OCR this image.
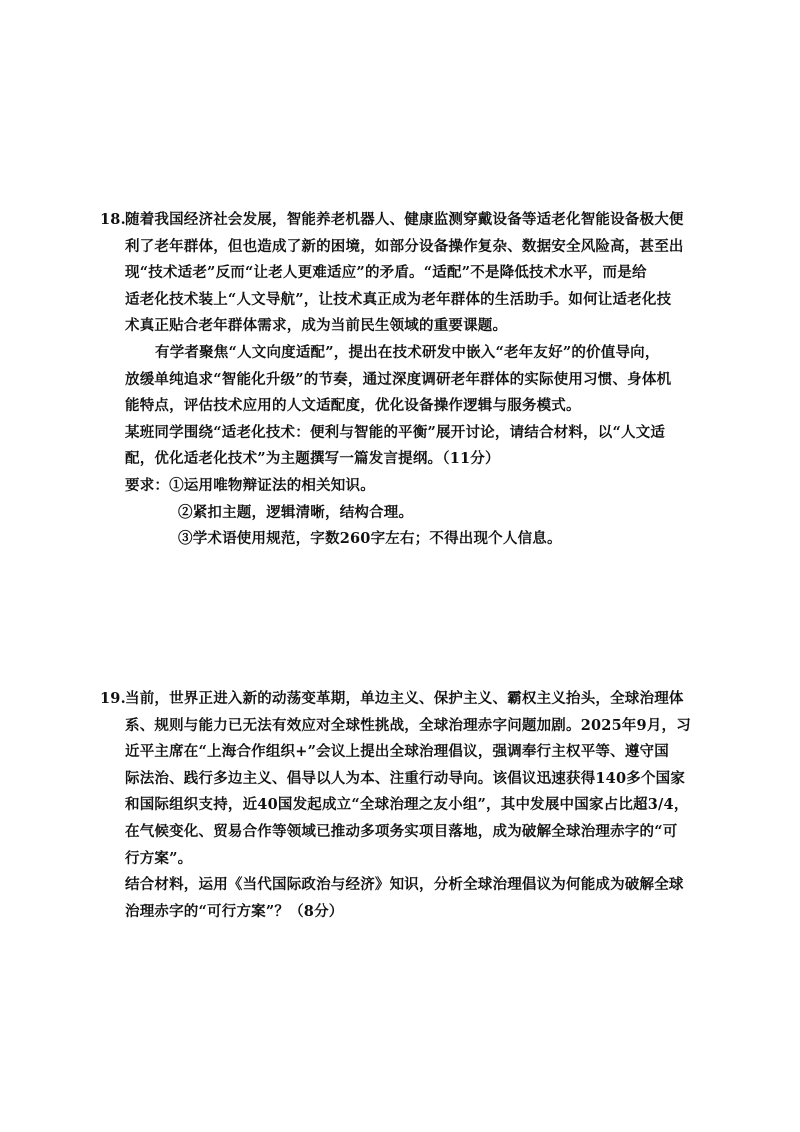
18. 随着我国经济社会发展，智能养老机器人、健康监测穿戴设备等适老化智能设备极大便
利了老年群体，但也造成了新的困境，如部分设备操作复杂、数据安全风险高，甚至出
现“技术适老”反而“让老人更难适应”的矛盾。“适配”不是降低技术水平，而是给
适老化技术装上“人文导航”，让技术真正成为老年群体的生活助手。如何让适老化技
术真正贴合老年群体需求，成为当前民生领域的重要课题。
有学者聚焦“人文向度适配”，提出在技术研发中嵌入“老年友好”的价值导向，
放缓单纯追求“智能化升级”的节奏，通过深度调研老年群体的实际使用习惯、身体机
能特点，评估技术应用的人文适配度，优化设备操作逻辑与服务模式。
某班同学围绕“适老化技术：便利与智能的平衡”展开讨论，请结合材料，以“人文适
配，优化适老化技术”为主题撰写一篇发言提纲。（11分）
要求：①运用唯物辩证法的相关知识。
②紧扣主题，逻辑清晰，结构合理。
③学术语使用规范，字数260字左右；不得出现个人信息。
19. 当前，世界正进入新的动荡变革期，单边主义、保护主义、霸权主义抬头，全球治理体
系、规则与能力已无法有效应对全球性挑战，全球治理赤字问题加剧。2025年9月，习
近平主席在“上海合作组织+”会议上提出全球治理倡议，强调奉行主权平等、遵守国
际法治、践行多边主义、倡导以人为本、注重行动导向。该倡议迅速获得140多个国家
和国际组织支持，近40国发起成立“全球治理之友小组”，其中发展中国家占比超3/4，
在气候变化、贸易合作等领域已推动多项务实项目落地，成为破解全球治理赤字的“可
行方案”。
结合材料，运用《当代国际政治与经济》知识，分析全球治理倡议为何能成为破解全球
治理赤字的“可行方案”？（8分）
